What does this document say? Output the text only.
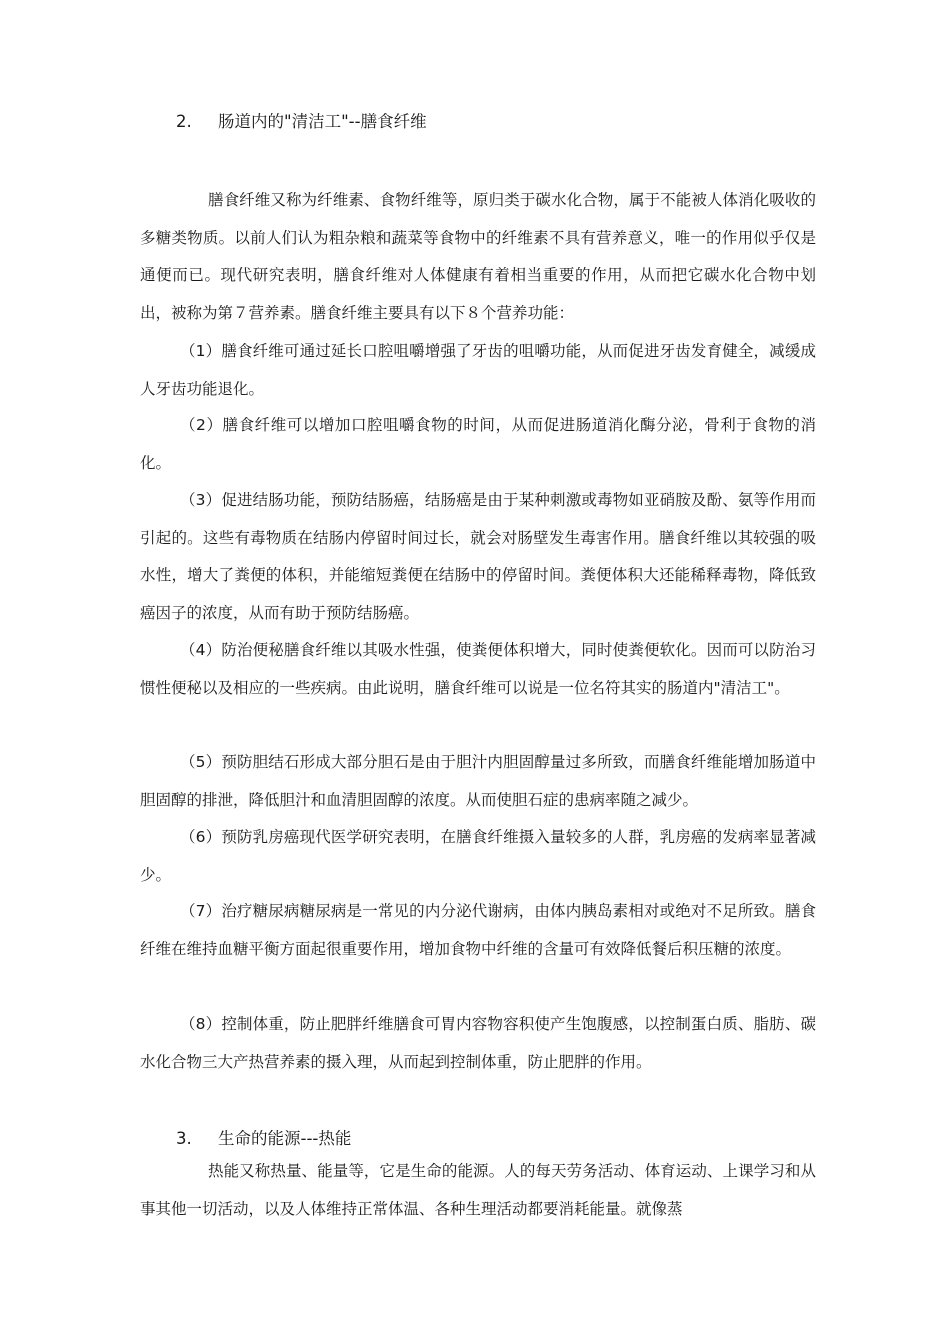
2. 肠道内的"清洁工"--膳食纤维

膳食纤维又称为纤维素、食物纤维等，原归类于碳水化合物，属于不能被人体消化吸收的多糖类物质。以前人们认为粗杂粮和蔬菜等食物中的纤维素不具有营养意义，唯一的作用似乎仅是通便而已。现代研究表明，膳食纤维对人体健康有着相当重要的作用，从而把它碳水化合物中划出，被称为第７营养素。膳食纤维主要具有以下８个营养功能：

（1）膳食纤维可通过延长口腔咀嚼增强了牙齿的咀嚼功能，从而促进牙齿发育健全，减缓成人牙齿功能退化。

（2）膳食纤维可以增加口腔咀嚼食物的时间，从而促进肠道消化酶分泌，骨利于食物的消化。

（3）促进结肠功能，预防结肠癌，结肠癌是由于某种刺激或毒物如亚硝胺及酚、氨等作用而引起的。这些有毒物质在结肠内停留时间过长，就会对肠壁发生毒害作用。膳食纤维以其较强的吸水性，增大了粪便的体积，并能缩短粪便在结肠中的停留时间。粪便体积大还能稀释毒物，降低致癌因子的浓度，从而有助于预防结肠癌。

（4）防治便秘膳食纤维以其吸水性强，使粪便体积增大，同时使粪便软化。因而可以防治习惯性便秘以及相应的一些疾病。由此说明，膳食纤维可以说是一位名符其实的肠道内"清洁工"。

（5）预防胆结石形成大部分胆石是由于胆汁内胆固醇量过多所致，而膳食纤维能增加肠道中胆固醇的排泄，降低胆汁和血清胆固醇的浓度。从而使胆石症的患病率随之减少。

（6）预防乳房癌现代医学研究表明，在膳食纤维摄入量较多的人群，乳房癌的发病率显著减少。

（7）治疗糖尿病糖尿病是一常见的内分泌代谢病，由体内胰岛素相对或绝对不足所致。膳食纤维在维持血糖平衡方面起很重要作用，增加食物中纤维的含量可有效降低餐后积压糖的浓度。

（8）控制体重，防止肥胖纤维膳食可胃内容物容积使产生饱腹感，以控制蛋白质、脂肪、碳水化合物三大产热营养素的摄入理，从而起到控制体重，防止肥胖的作用。

3. 生命的能源---热能

热能又称热量、能量等，它是生命的能源。人的每天劳务活动、体育运动、上课学习和从事其他一切活动，以及人体维持正常体温、各种生理活动都要消耗能量。就像蒸
